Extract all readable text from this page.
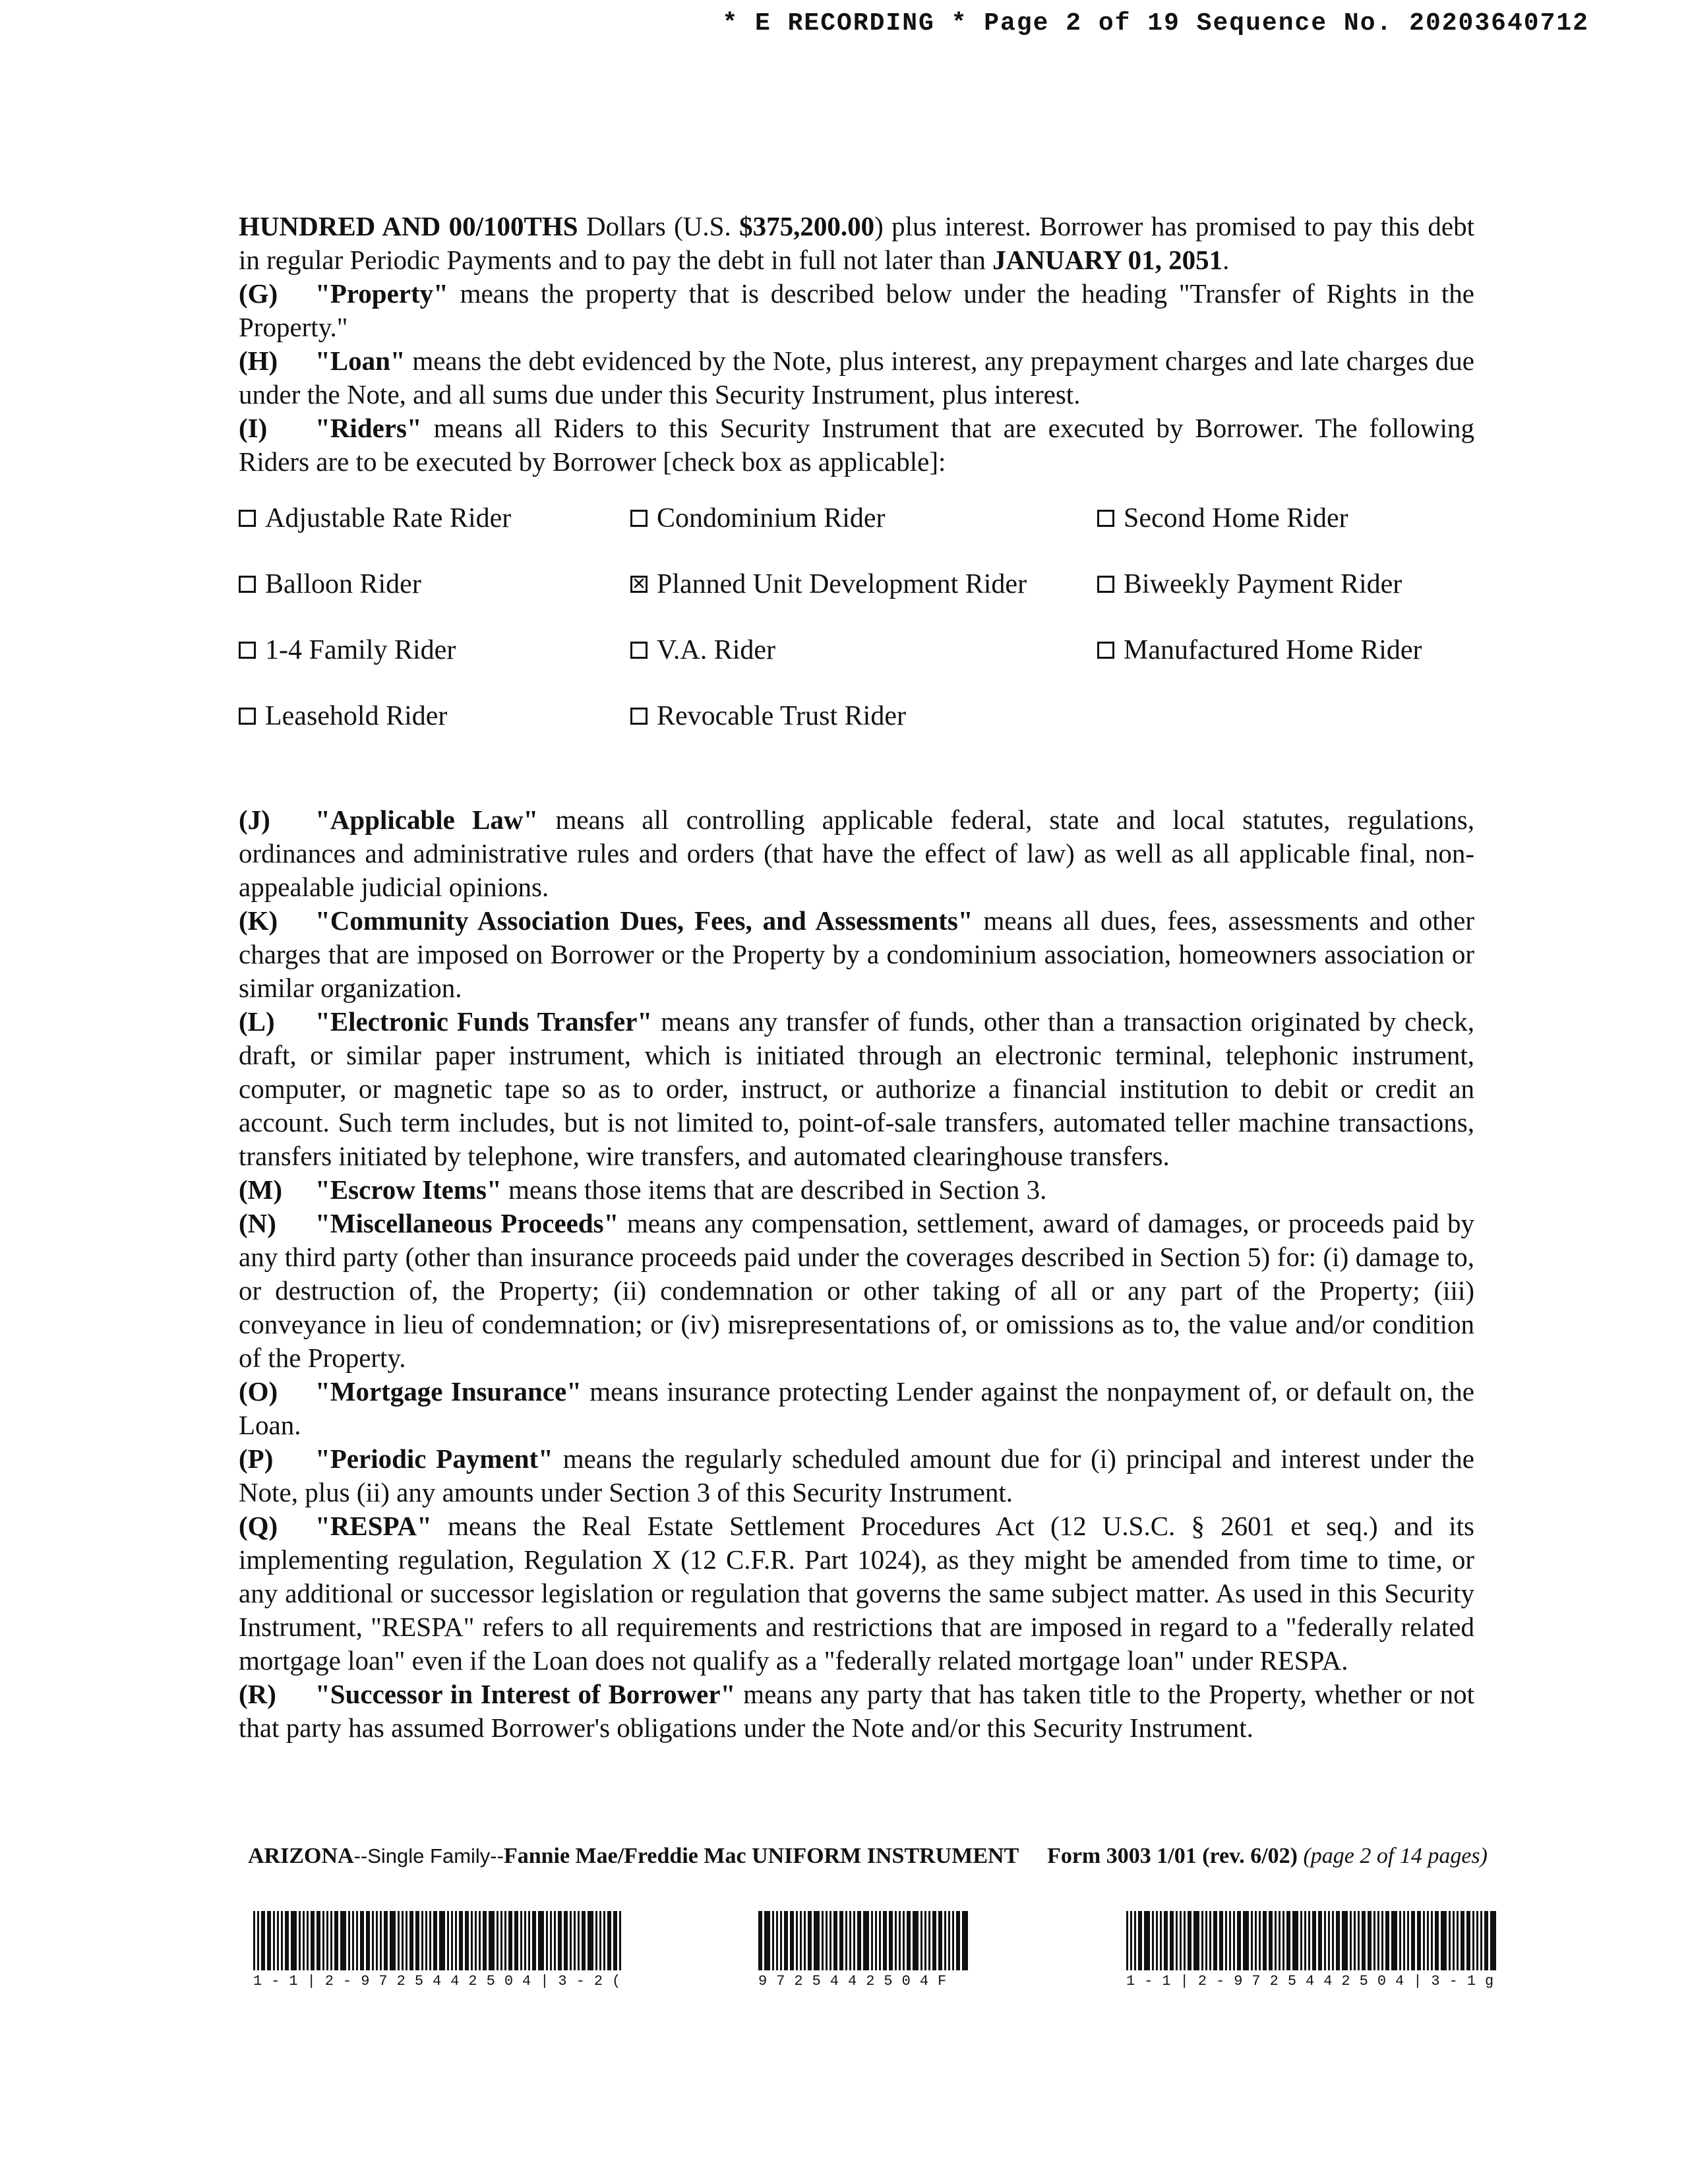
* E RECORDING * Page 2 of 19 Sequence No. 20203640712
HUNDRED AND 00/100THS Dollars (U.S. $375,200.00) plus interest. Borrower has promised to pay this debt in regular Periodic Payments and to pay the debt in full not later than JANUARY 01, 2051.

(G) "Property" means the property that is described below under the heading "Transfer of Rights in the Property."

(H) "Loan" means the debt evidenced by the Note, plus interest, any prepayment charges and late charges due under the Note, and all sums due under this Security Instrument, plus interest.

(I) "Riders" means all Riders to this Security Instrument that are executed by Borrower. The following Riders are to be executed by Borrower [check box as applicable]:

Adjustable Rate Rider	Condominium Rider	Second Home Rider
Balloon Rider	✕ Planned Unit Development Rider	Biweekly Payment Rider
1-4 Family Rider	V.A. Rider	Manufactured Home Rider
Leasehold Rider	Revocable Trust Rider

(J) "Applicable Law" means all controlling applicable federal, state and local statutes, regulations, ordinances and administrative rules and orders (that have the effect of law) as well as all applicable final, non-appealable judicial opinions.

(K) "Community Association Dues, Fees, and Assessments" means all dues, fees, assessments and other charges that are imposed on Borrower or the Property by a condominium association, homeowners association or similar organization.

(L) "Electronic Funds Transfer" means any transfer of funds, other than a transaction originated by check, draft, or similar paper instrument, which is initiated through an electronic terminal, telephonic instrument, computer, or magnetic tape so as to order, instruct, or authorize a financial institution to debit or credit an account. Such term includes, but is not limited to, point-of-sale transfers, automated teller machine transactions, transfers initiated by telephone, wire transfers, and automated clearinghouse transfers.

(M) "Escrow Items" means those items that are described in Section 3.

(N) "Miscellaneous Proceeds" means any compensation, settlement, award of damages, or proceeds paid by any third party (other than insurance proceeds paid under the coverages described in Section 5) for: (i) damage to, or destruction of, the Property; (ii) condemnation or other taking of all or any part of the Property; (iii) conveyance in lieu of condemnation; or (iv) misrepresentations of, or omissions as to, the value and/or condition of the Property.

(O) "Mortgage Insurance" means insurance protecting Lender against the nonpayment of, or default on, the Loan.

(P) "Periodic Payment" means the regularly scheduled amount due for (i) principal and interest under the Note, plus (ii) any amounts under Section 3 of this Security Instrument.

(Q) "RESPA" means the Real Estate Settlement Procedures Act (12 U.S.C. § 2601 et seq.) and its implementing regulation, Regulation X (12 C.F.R. Part 1024), as they might be amended from time to time, or any additional or successor legislation or regulation that governs the same subject matter. As used in this Security Instrument, "RESPA" refers to all requirements and restrictions that are imposed in regard to a "federally related mortgage loan" even if the Loan does not qualify as a "federally related mortgage loan" under RESPA.

(R) "Successor in Interest of Borrower" means any party that has taken title to the Property, whether or not that party has assumed Borrower's obligations under the Note and/or this Security Instrument.

ARIZONA--Single Family--Fannie Mae/Freddie Mac UNIFORM INSTRUMENT Form 3003 1/01 (rev. 6/02) (page 2 of 14 pages)
1-1|2-9725442504|3-2(	9725442504F	1-1|2-9725442504|3-1g
